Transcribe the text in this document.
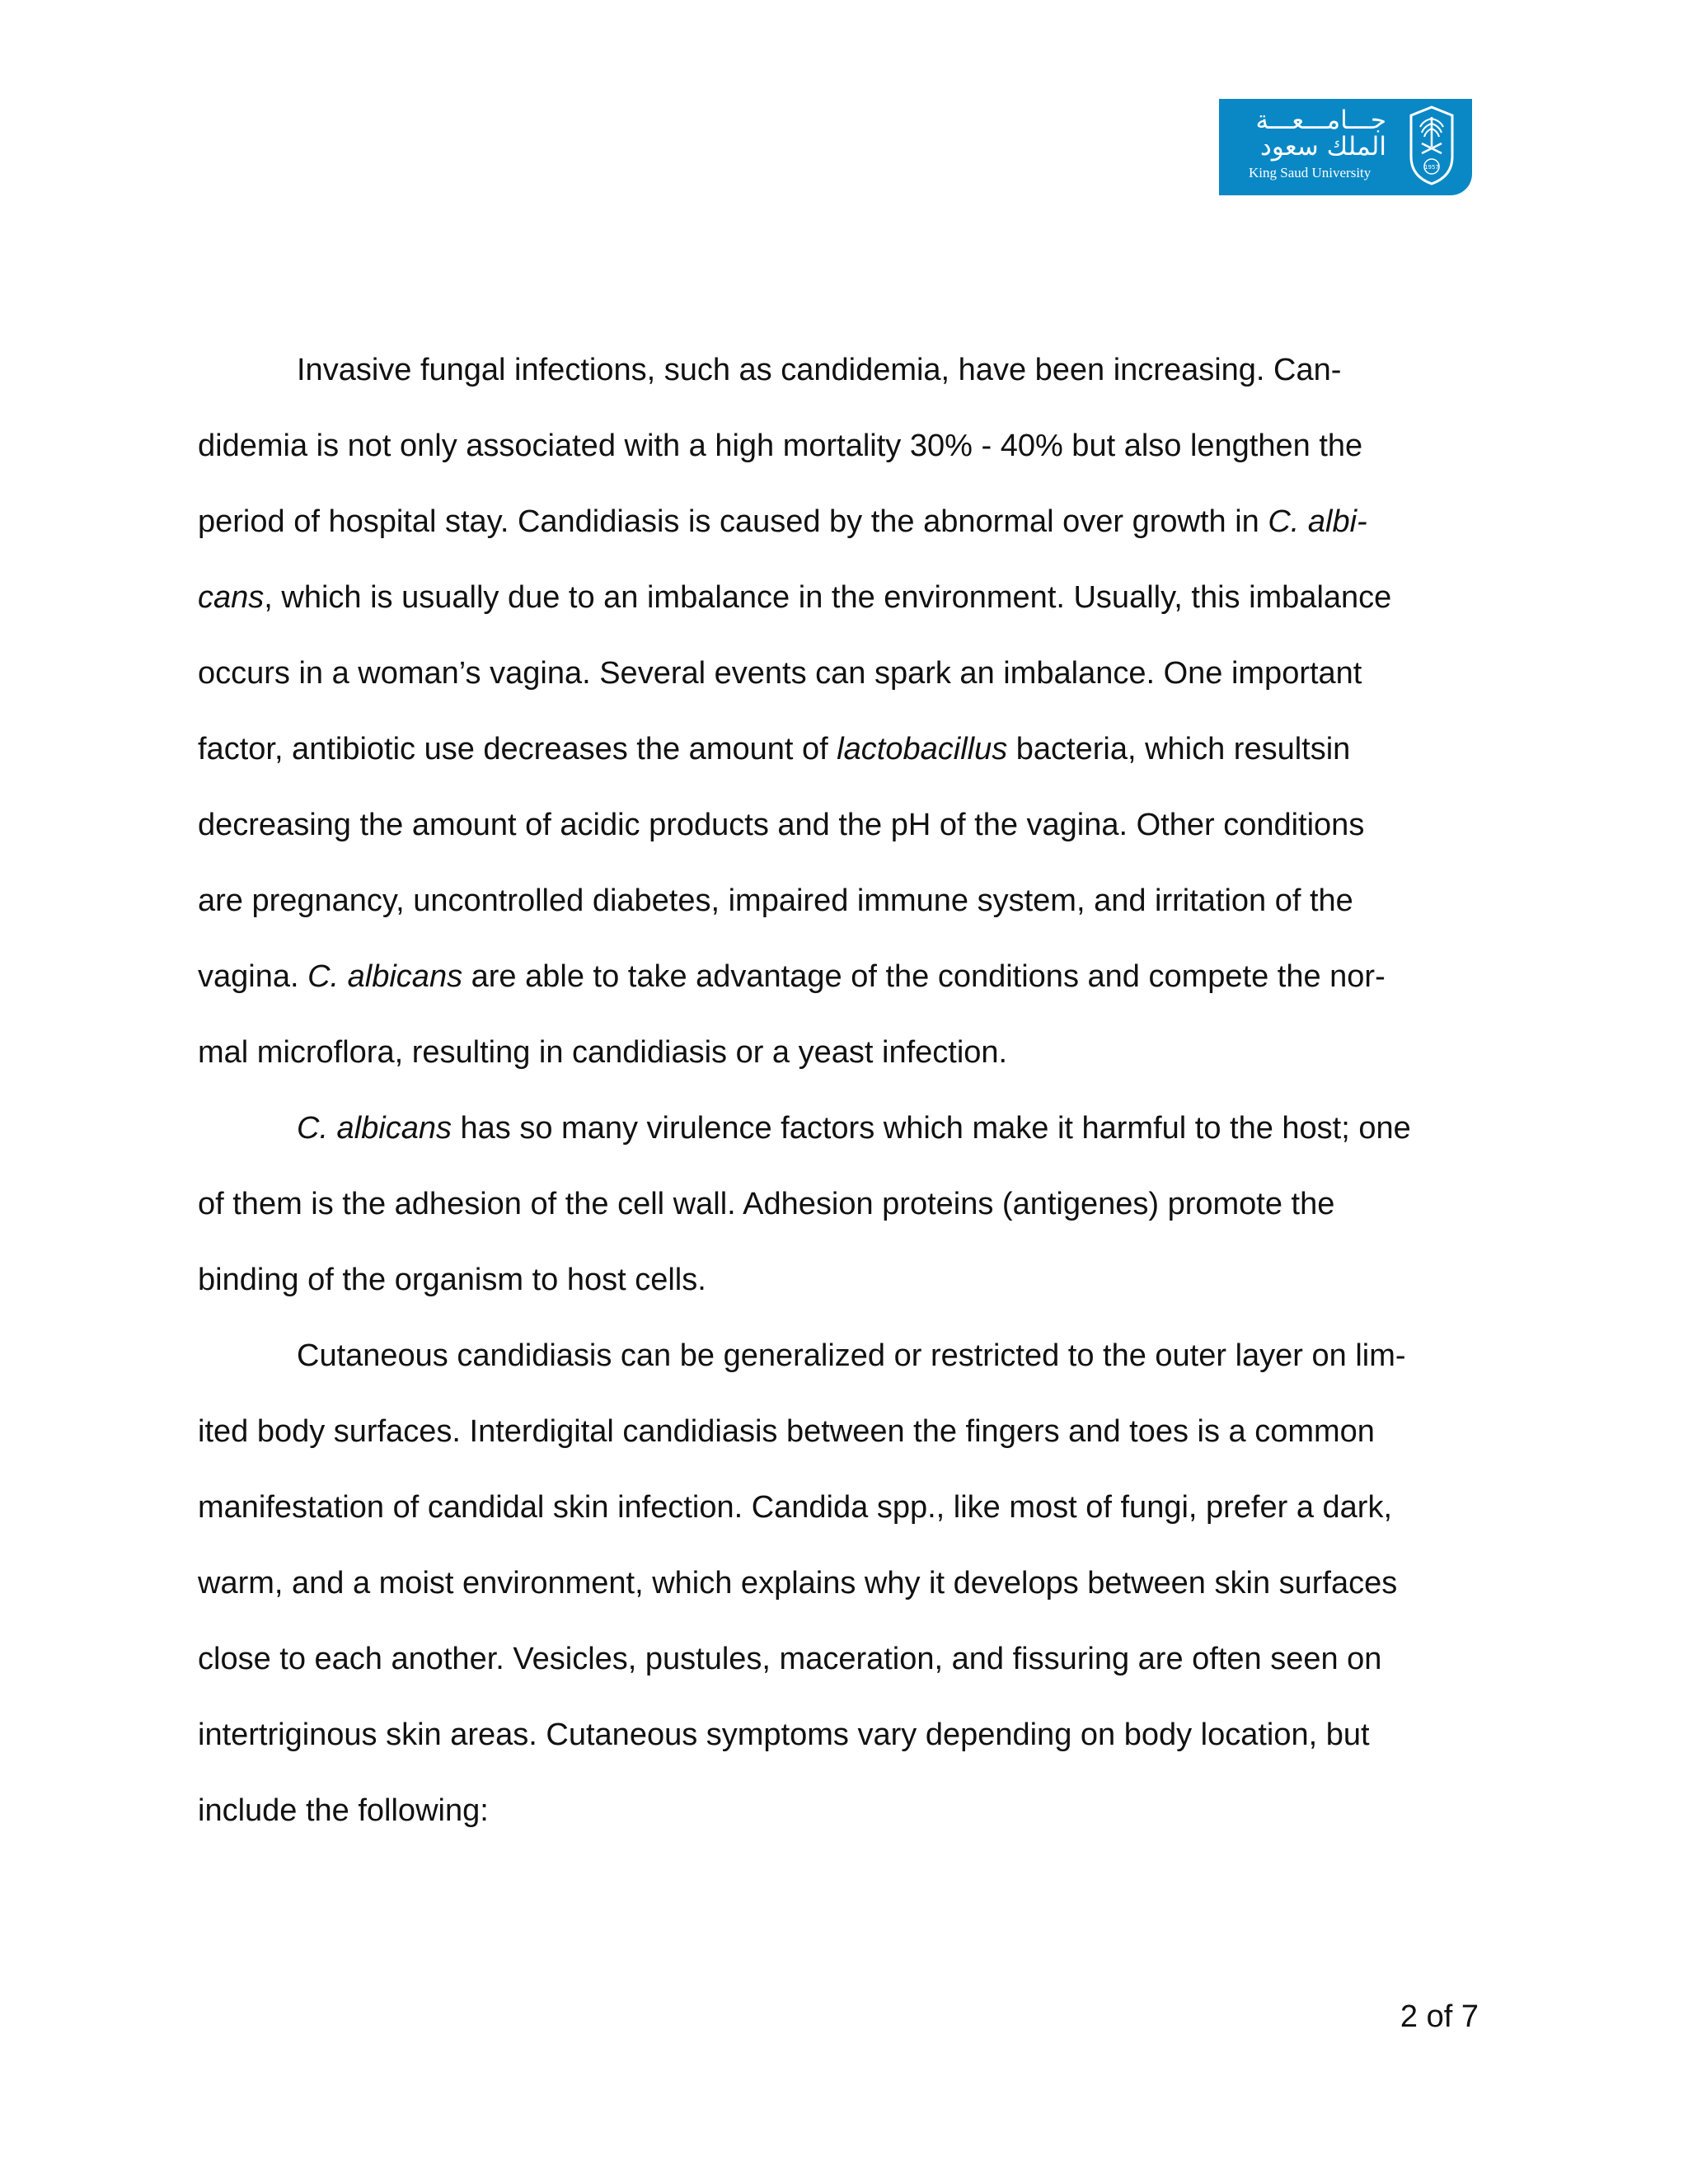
جـــامـــعـــة
الملك سعود
King Saud University	1957
Invasive fungal infections, such as candidemia, have been increasing. Can-
didemia is not only associated with a high mortality 30% - 40% but also lengthen the
period of hospital stay. Candidiasis is caused by the abnormal over growth in C. albi-
cans, which is usually due to an imbalance in the environment. Usually, this imbalance
occurs in a woman’s vagina. Several events can spark an imbalance. One important
factor, antibiotic use decreases the amount of lactobacillus bacteria, which resultsin
decreasing the amount of acidic products and the pH of the vagina. Other conditions
are pregnancy, uncontrolled diabetes, impaired immune system, and irritation of the
vagina. C. albicans are able to take advantage of the conditions and compete the nor-
mal microflora, resulting in candidiasis or a yeast infection.
C. albicans has so many virulence factors which make it harmful to the host; one
of them is the adhesion of the cell wall. Adhesion proteins (antigenes) promote the
binding of the organism to host cells.
Cutaneous candidiasis can be generalized or restricted to the outer layer on lim-
ited body surfaces. Interdigital candidiasis between the fingers and toes is a common
manifestation of candidal skin infection. Candida spp., like most of fungi, prefer a dark,
warm, and a moist environment, which explains why it develops between skin surfaces
close to each another. Vesicles, pustules, maceration, and fissuring are often seen on
intertriginous skin areas. Cutaneous symptoms vary depending on body location, but
include the following:
2 of 7
